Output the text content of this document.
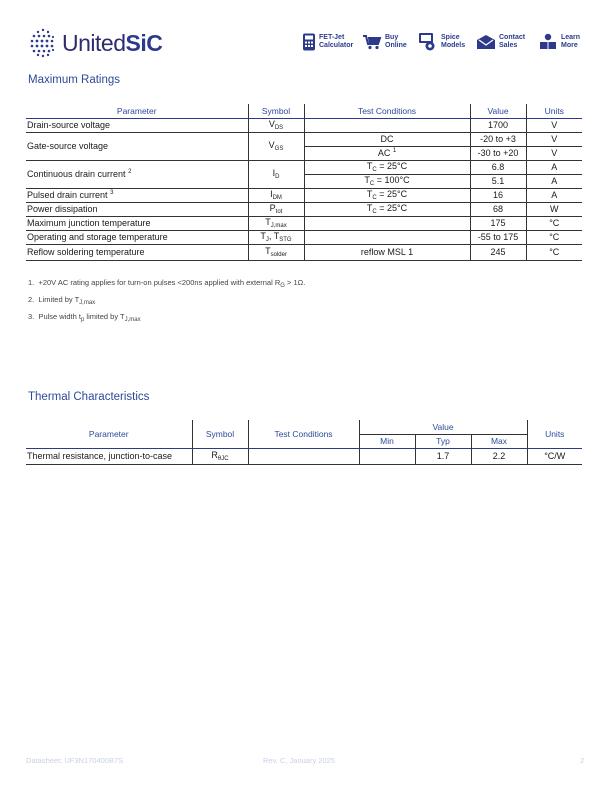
UnitedSiC	FET-Jet
Calculator
Buy
Online
Spice
Models
Contact
Sales
Learn
More
Maximum Ratings
Parameter	Symbol	Test Conditions	Value	Units
Drain-source voltage	$V_{DS}$		1700	V
Gate-source voltage	$V_{GS}$	DC	-20 to +3	V
		AC $^1$	-30 to +20	V
Continuous drain current $^2$	$I_D$	$T_C = 25^\circ C$	6.8	A
		$T_C = 100^\circ C$	5.1	A
Pulsed drain current $^3$	$I_{DM}$	$T_C = 25^\circ C$	16	A
Power dissipation	$P_{tot}$	$T_C = 25^\circ C$	68	W
Maximum junction temperature	$T_{J,max}$		175	°C
Operating and storage temperature	$T_J$, $T_{STG}$		-55 to 175	°C
Reflow soldering temperature	$T_{solder}$	reflow MSL 1	245	°C
1. +20V AC rating applies for turn-on pulses <200ns applied with external $R_G > 1\Omega$.
2. Limited by $T_{J,max}$
3. Pulse width $t_p$ limited by $T_{J,max}$
Thermal Characteristics
Parameter	Symbol	Test Conditions	Value			Units
			Min	Typ	Max	
Thermal resistance, junction-to-case	$R_{\theta JC}$			1.7	2.2	°C/W
Datasheet: UF3N170400B7S	Rev. C, January 2025	2
